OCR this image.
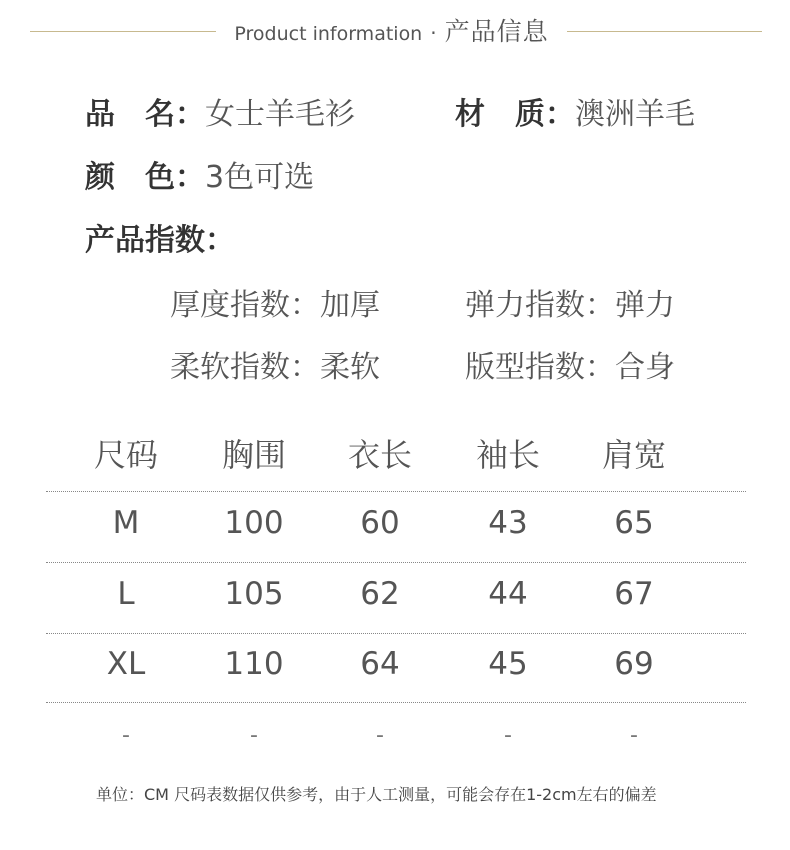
Product information · 产品信息
品 名：女士羊毛衫	材 质：澳洲羊毛
颜 色：3色可选
产品指数：
厚度指数：加厚	弹力指数：弹力
柔软指数：柔软	版型指数：合身
尺码	胸围	衣长	袖长	肩宽
M	100	60	43	65
L	105	62	44	67
XL	110	64	45	69
-	-	-	-	-
单位：CM 尺码表数据仅供参考，由于人工测量，可能会存在1-2cm左右的偏差
